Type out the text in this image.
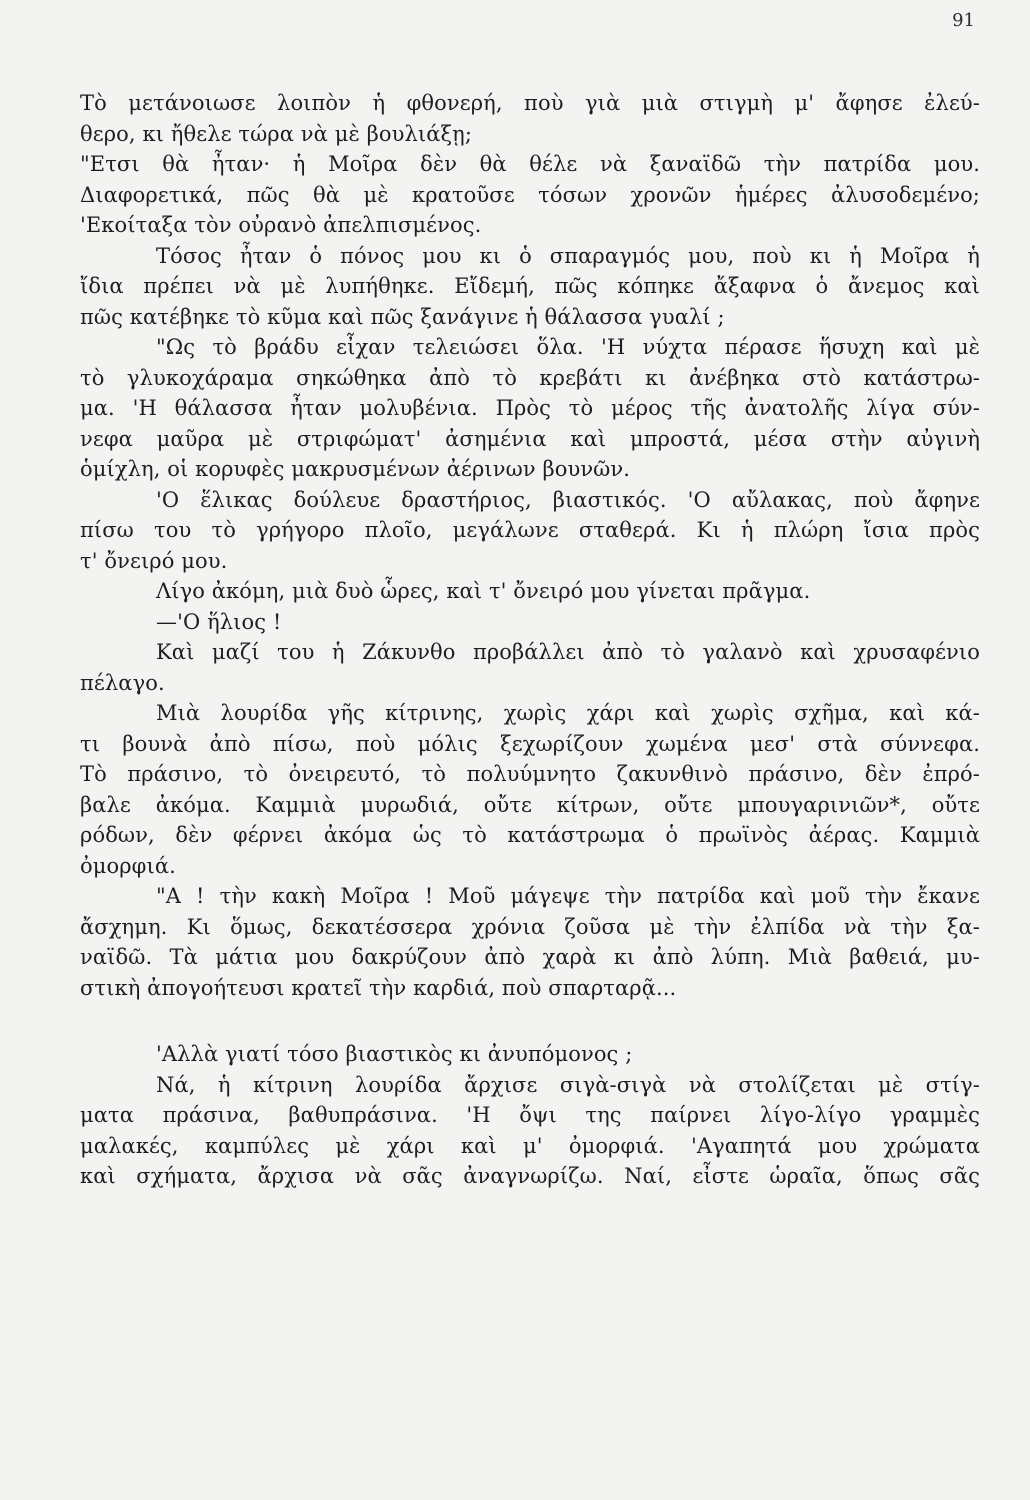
91
Τὸ μετάνοιωσε λοιπὸν ἡ φθονερή, ποὺ γιὰ μιὰ στιγμὴ μ' ἄφησε ἐλεύ-
θερο, κι ἤθελε τώρα νὰ μὲ βουλιάξῃ;
"Ετσι θὰ ἦταν· ἡ Μοῖρα δὲν θὰ θέλε νὰ ξαναϊδῶ τὴν πατρίδα μου.
Διαφορετικά, πῶς θὰ μὲ κρατοῦσε τόσων χρονῶν ἡμέρες ἀλυσοδεμένο;
'Εκοίταξα τὸν οὐρανὸ ἀπελπισμένος.
Τόσος ἦταν ὁ πόνος μου κι ὁ σπαραγμός μου, ποὺ κι ἡ Μοῖρα ἡ
ἴδια πρέπει νὰ μὲ λυπήθηκε. Εἴδεμή, πῶς κόπηκε ἄξαφνα ὁ ἄνεμος καὶ
πῶς κατέβηκε τὸ κῦμα καὶ πῶς ξανάγινε ἡ θάλασσα γυαλί ;
"Ως τὸ βράδυ εἶχαν τελειώσει ὅλα. 'Η νύχτα πέρασε ἥσυχη καὶ μὲ
τὸ γλυκοχάραμα σηκώθηκα ἀπὸ τὸ κρεβάτι κι ἀνέβηκα στὸ κατάστρω-
μα. 'Η θάλασσα ἦταν μολυβένια. Πρὸς τὸ μέρος τῆς ἀνατολῆς λίγα σύν-
νεφα μαῦρα μὲ στριφώματ' ἀσημένια καὶ μπροστά, μέσα στὴν αὐγινὴ
ὁμίχλη, οἱ κορυφὲς μακρυσμένων ἀέρινων βουνῶν.
'Ο ἕλικας δούλευε δραστήριος, βιαστικός. 'Ο αὔλακας, ποὺ ἄφηνε
πίσω του τὸ γρήγορο πλοῖο, μεγάλωνε σταθερά. Κι ἡ πλώρη ἴσια πρὸς
τ' ὄνειρό μου.
Λίγο ἀκόμη, μιὰ δυὸ ὧρες, καὶ τ' ὄνειρό μου γίνεται πρᾶγμα.
—'Ο ἥλιος !
Καὶ μαζί του ἡ Ζάκυνθο προβάλλει ἀπὸ τὸ γαλανὸ καὶ χρυσαφένιο
πέλαγο.
Μιὰ λουρίδα γῆς κίτρινης, χωρὶς χάρι καὶ χωρὶς σχῆμα, καὶ κά-
τι βουνὰ ἀπὸ πίσω, ποὺ μόλις ξεχωρίζουν χωμένα μεσ' στὰ σύννεφα.
Τὸ πράσινο, τὸ ὀνειρευτό, τὸ πολυύμνητο ζακυνθινὸ πράσινο, δὲν ἐπρό-
βαλε ἀκόμα. Καμμιὰ μυρωδιά, οὔτε κίτρων, οὔτε μπουγαρινιῶν*, οὔτε
ρόδων, δὲν φέρνει ἀκόμα ὡς τὸ κατάστρωμα ὁ πρωϊνὸς ἀέρας. Καμμιὰ
ὀμορφιά.
"Α ! τὴν κακὴ Μοῖρα ! Μοῦ μάγεψε τὴν πατρίδα καὶ μοῦ τὴν ἔκανε
ἄσχημη. Κι ὅμως, δεκατέσσερα χρόνια ζοῦσα μὲ τὴν ἐλπίδα νὰ τὴν ξα-
ναϊδῶ. Τὰ μάτια μου δακρύζουν ἀπὸ χαρὰ κι ἀπὸ λύπη. Μιὰ βαθειά, μυ-
στικὴ ἀπογοήτευσι κρατεῖ τὴν καρδιά, ποὺ σπαρταρᾷ...
'Αλλὰ γιατί τόσο βιαστικὸς κι ἀνυπόμονος ;
Νά, ἡ κίτρινη λουρίδα ἄρχισε σιγὰ-σιγὰ νὰ στολίζεται μὲ στίγ-
ματα πράσινα, βαθυπράσινα. 'Η ὄψι της παίρνει λίγο-λίγο γραμμὲς
μαλακές, καμπύλες μὲ χάρι καὶ μ' ὀμορφιά. 'Αγαπητά μου χρώματα
καὶ σχήματα, ἄρχισα νὰ σᾶς ἀναγνωρίζω. Ναί, εἶστε ὡραῖα, ὅπως σᾶς
